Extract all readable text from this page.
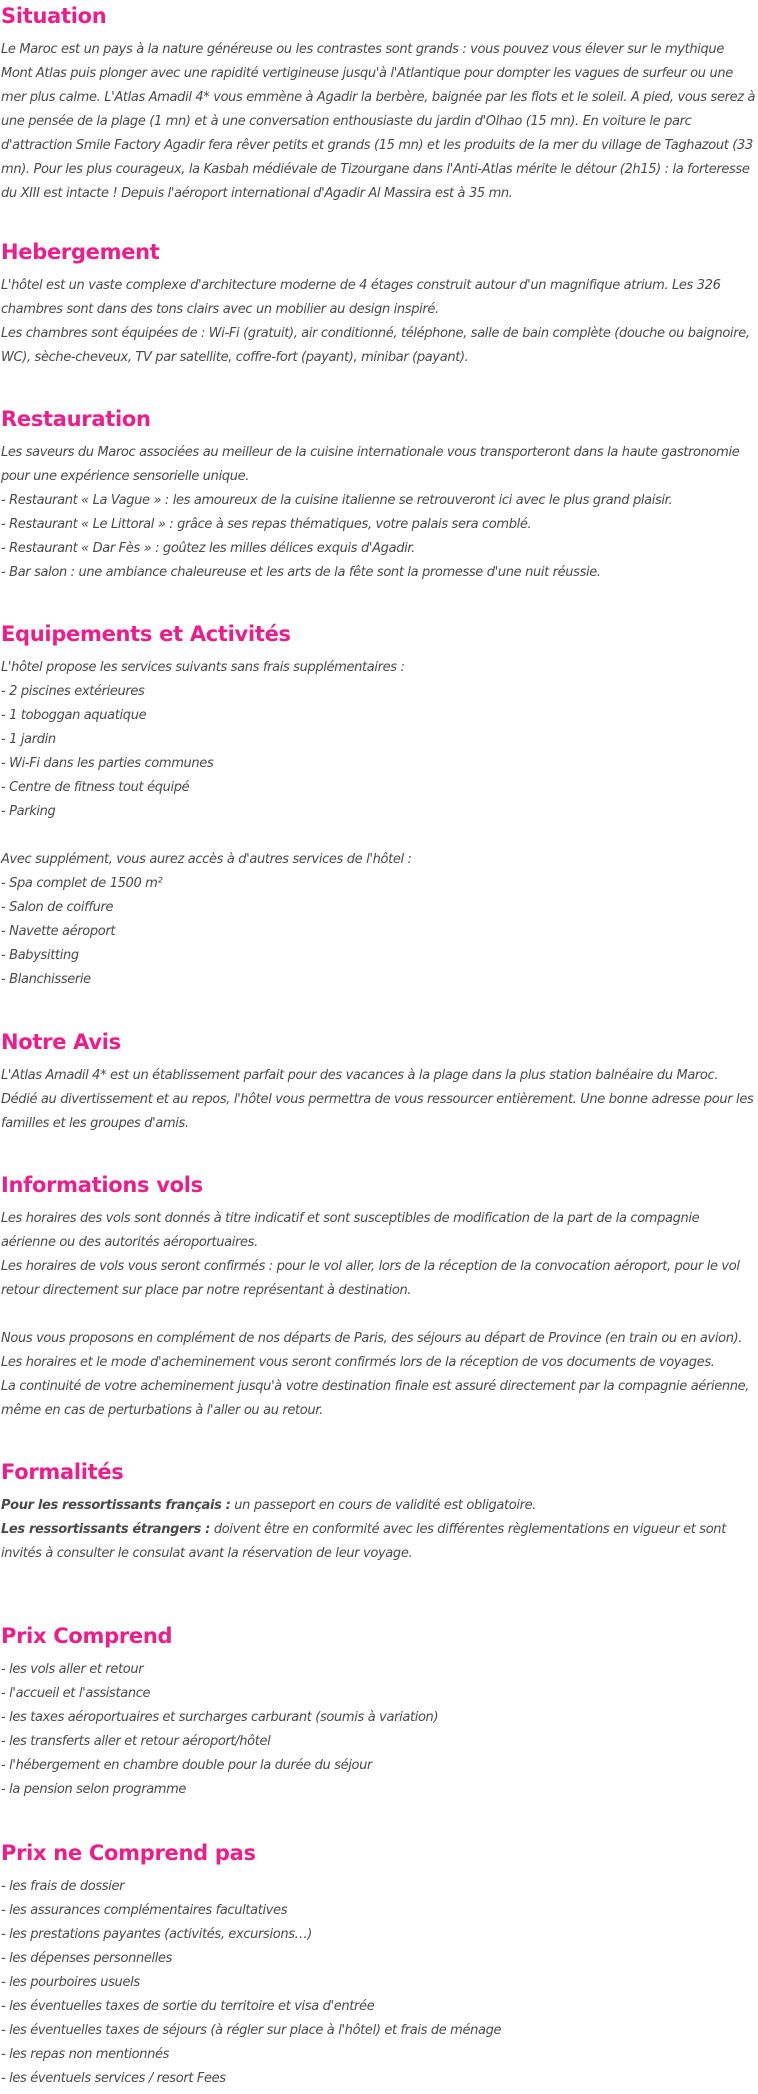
Situation

Le Maroc est un pays à la nature généreuse ou les contrastes sont grands : vous pouvez vous élever sur le mythique Mont Atlas puis plonger avec une rapidité vertigineuse jusqu'à l'Atlantique pour dompter les vagues de surfeur ou une mer plus calme. L'Atlas Amadil 4* vous emmène à Agadir la berbère, baignée par les flots et le soleil. A pied, vous serez à une pensée de la plage (1 mn) et à une conversation enthousiaste du jardin d'Olhao (15 mn). En voiture le parc d'attraction Smile Factory Agadir fera rêver petits et grands (15 mn) et les produits de la mer du village de Taghazout (33 mn). Pour les plus courageux, la Kasbah médiévale de Tizourgane dans l'Anti-Atlas mérite le détour (2h15) : la forteresse du XIII est intacte ! Depuis l'aéroport international d'Agadir Al Massira est à 35 mn.

Hebergement

L'hôtel est un vaste complexe d'architecture moderne de 4 étages construit autour d'un magnifique atrium. Les 326 chambres sont dans des tons clairs avec un mobilier au design inspiré.

Les chambres sont équipées de : Wi-Fi (gratuit), air conditionné, téléphone, salle de bain complète (douche ou baignoire, WC), sèche-cheveux, TV par satellite, coffre-fort (payant), minibar (payant).

Restauration

Les saveurs du Maroc associées au meilleur de la cuisine internationale vous transporteront dans la haute gastronomie pour une expérience sensorielle unique.

- Restaurant « La Vague » : les amoureux de la cuisine italienne se retrouveront ici avec le plus grand plaisir.

- Restaurant « Le Littoral » : grâce à ses repas thématiques, votre palais sera comblé.

- Restaurant « Dar Fès » : goûtez les milles délices exquis d'Agadir.

- Bar salon : une ambiance chaleureuse et les arts de la fête sont la promesse d'une nuit réussie.

Equipements et Activités

L'hôtel propose les services suivants sans frais supplémentaires :

- 2 piscines extérieures

- 1 toboggan aquatique

- 1 jardin

- Wi-Fi dans les parties communes

- Centre de fitness tout équipé

- Parking

Avec supplément, vous aurez accès à d'autres services de l'hôtel :

- Spa complet de 1500 m²

- Salon de coiffure

- Navette aéroport

- Babysitting

- Blanchisserie

Notre Avis

L'Atlas Amadil 4* est un établissement parfait pour des vacances à la plage dans la plus station balnéaire du Maroc. Dédié au divertissement et au repos, l'hôtel vous permettra de vous ressourcer entièrement. Une bonne adresse pour les familles et les groupes d'amis.

Informations vols

Les horaires des vols sont donnés à titre indicatif et sont susceptibles de modification de la part de la compagnie aérienne ou des autorités aéroportuaires.

Les horaires de vols vous seront confirmés : pour le vol aller, lors de la réception de la convocation aéroport, pour le vol retour directement sur place par notre représentant à destination.

Nous vous proposons en complément de nos départs de Paris, des séjours au départ de Province (en train ou en avion).

Les horaires et le mode d'acheminement vous seront confirmés lors de la réception de vos documents de voyages.

La continuité de votre acheminement jusqu'à votre destination finale est assuré directement par la compagnie aérienne, même en cas de perturbations à l'aller ou au retour.

Formalités

Pour les ressortissants français : un passeport en cours de validité est obligatoire.

Les ressortissants étrangers : doivent être en conformité avec les différentes règlementations en vigueur et sont invités à consulter le consulat avant la réservation de leur voyage.

Prix Comprend

- les vols aller et retour

- l'accueil et l'assistance

- les taxes aéroportuaires et surcharges carburant (soumis à variation)

- les transferts aller et retour aéroport/hôtel

- l'hébergement en chambre double pour la durée du séjour

- la pension selon programme

Prix ne Comprend pas

- les frais de dossier

- les assurances complémentaires facultatives

- les prestations payantes (activités, excursions…)

- les dépenses personnelles

- les pourboires usuels

- les éventuelles taxes de sortie du territoire et visa d'entrée

- les éventuelles taxes de séjours (à régler sur place à l'hôtel) et frais de ménage

- les repas non mentionnés

- les éventuels services / resort Fees
